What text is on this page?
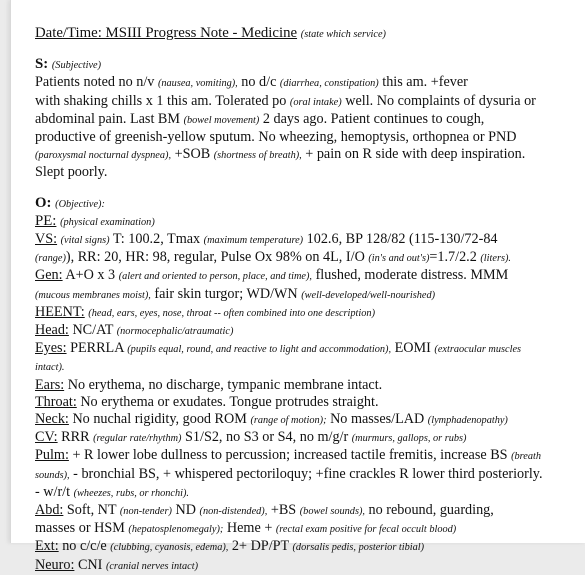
Date/Time: MSIII Progress Note - Medicine (state which service)
S: (Subjective)
Patients noted no n/v (nausea, vomiting), no d/c (diarrhea, constipation) this am. +fever
with shaking chills x 1 this am. Tolerated po (oral intake) well. No complaints of dysuria or
abdominal pain. Last BM (bowel movement) 2 days ago. Patient continues to cough,
productive of greenish-yellow sputum. No wheezing, hemoptysis, orthopnea or PND
(paroxysmal nocturnal dyspnea), +SOB (shortness of breath), + pain on R side with deep inspiration.
Slept poorly.
O: (Objective):
PE: (physical examination)
VS: (vital signs) T: 100.2, Tmax (maximum temperature) 102.6, BP 128/82 (115-130/72-84
(range)), RR: 20, HR: 98, regular, Pulse Ox 98% on 4L, I/O (in's and out's)=1.7/2.2 (liters).
Gen: A+O x 3 (alert and oriented to person, place, and time), flushed, moderate distress. MMM
(mucous membranes moist), fair skin turgor; WD/WN (well-developed/well-nourished)
HEENT: (head, ears, eyes, nose, throat -- often combined into one description)
Head: NC/AT (normocephalic/atraumatic)
Eyes: PERRLA (pupils equal, round, and reactive to light and accommodation), EOMI (extraocular muscles
intact).
Ears: No erythema, no discharge, tympanic membrane intact.
Throat: No erythema or exudates. Tongue protrudes straight.
Neck: No nuchal rigidity, good ROM (range of motion); No masses/LAD (lymphadenopathy)
CV: RRR (regular rate/rhythm) S1/S2, no S3 or S4, no m/g/r (murmurs, gallops, or rubs)
Pulm: + R lower lobe dullness to percussion; increased tactile fremitis, increase BS (breath
sounds), - bronchial BS, + whispered pectoriloquy; +fine crackles R lower third posteriorly.
- w/r/t (wheezes, rubs, or rhonchi).
Abd: Soft, NT (non-tender) ND (non-distended), +BS (bowel sounds), no rebound, guarding,
masses or HSM (hepatosplenomegaly); Heme + (rectal exam positive for fecal occult blood)
Ext: no c/c/e (clubbing, cyanosis, edema), 2+ DP/PT (dorsalis pedis, posterior tibial)
Neuro: CNI (cranial nerves intact)
